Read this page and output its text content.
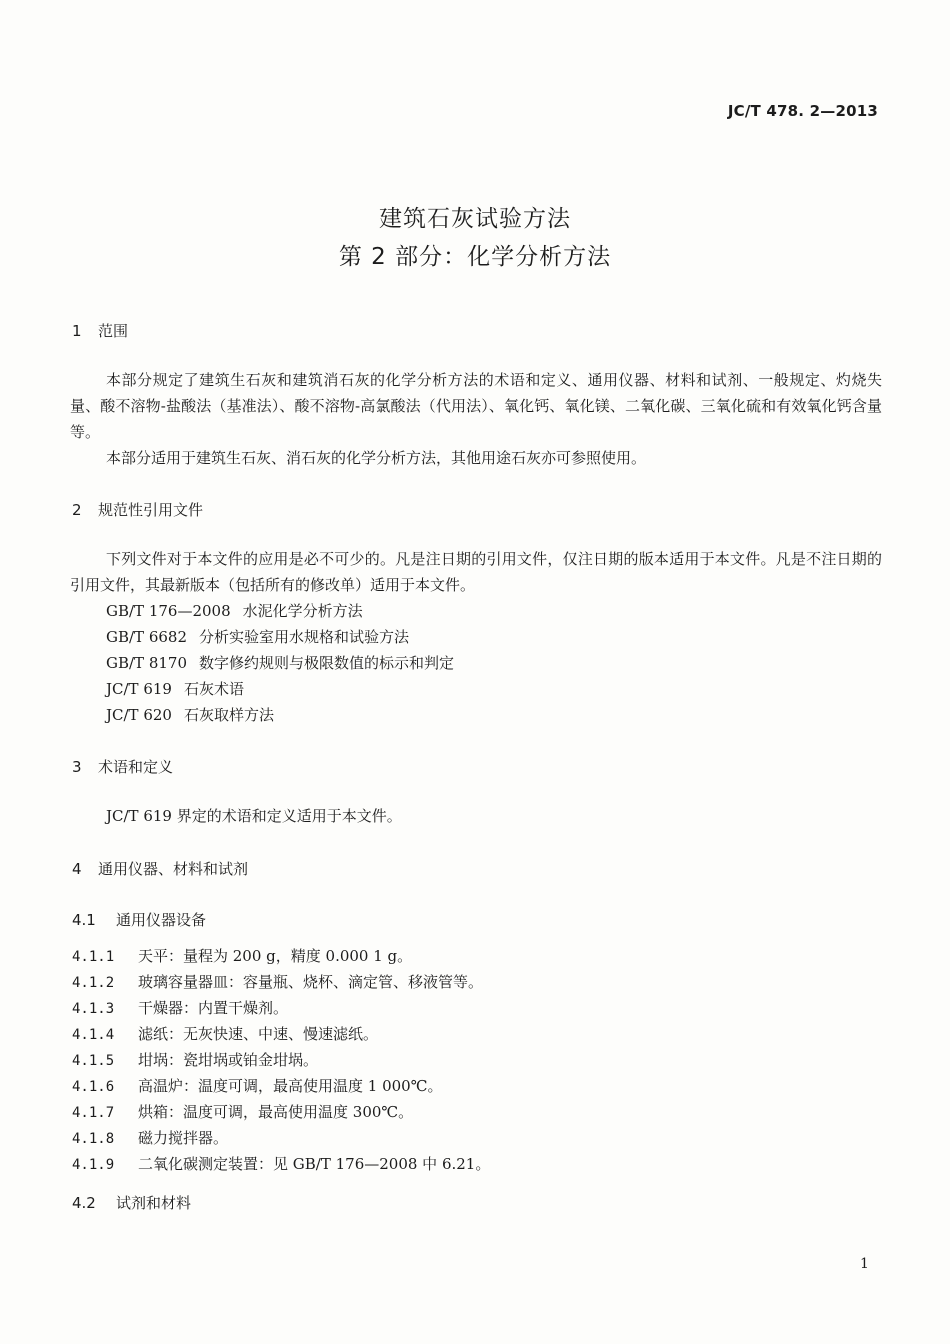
JC/T 478. 2—2013
建筑石灰试验方法
第 2 部分：化学分析方法
1 范围
本部分规定了建筑生石灰和建筑消石灰的化学分析方法的术语和定义、通用仪器、材料和试剂、一般规定、灼烧失量、酸不溶物-盐酸法（基准法）、酸不溶物-高氯酸法（代用法）、氧化钙、氧化镁、二氧化碳、三氧化硫和有效氧化钙含量等。
本部分适用于建筑生石灰、消石灰的化学分析方法，其他用途石灰亦可参照使用。
2 规范性引用文件
下列文件对于本文件的应用是必不可少的。凡是注日期的引用文件，仅注日期的版本适用于本文件。凡是不注日期的引用文件，其最新版本（包括所有的修改单）适用于本文件。
GB/T 176—2008 水泥化学分析方法
GB/T 6682 分析实验室用水规格和试验方法
GB/T 8170 数字修约规则与极限数值的标示和判定
JC/T 619 石灰术语
JC/T 620 石灰取样方法
3 术语和定义
JC/T 619 界定的术语和定义适用于本文件。
4 通用仪器、材料和试剂
4.1 通用仪器设备
4.1.1 天平：量程为 200 g，精度 0.000 1 g。
4.1.2 玻璃容量器皿：容量瓶、烧杯、滴定管、移液管等。
4.1.3 干燥器：内置干燥剂。
4.1.4 滤纸：无灰快速、中速、慢速滤纸。
4.1.5 坩埚：瓷坩埚或铂金坩埚。
4.1.6 高温炉：温度可调，最高使用温度 1 000℃。
4.1.7 烘箱：温度可调，最高使用温度 300℃。
4.1.8 磁力搅拌器。
4.1.9 二氧化碳测定装置：见 GB/T 176—2008 中 6.21。
4.2 试剂和材料
1
